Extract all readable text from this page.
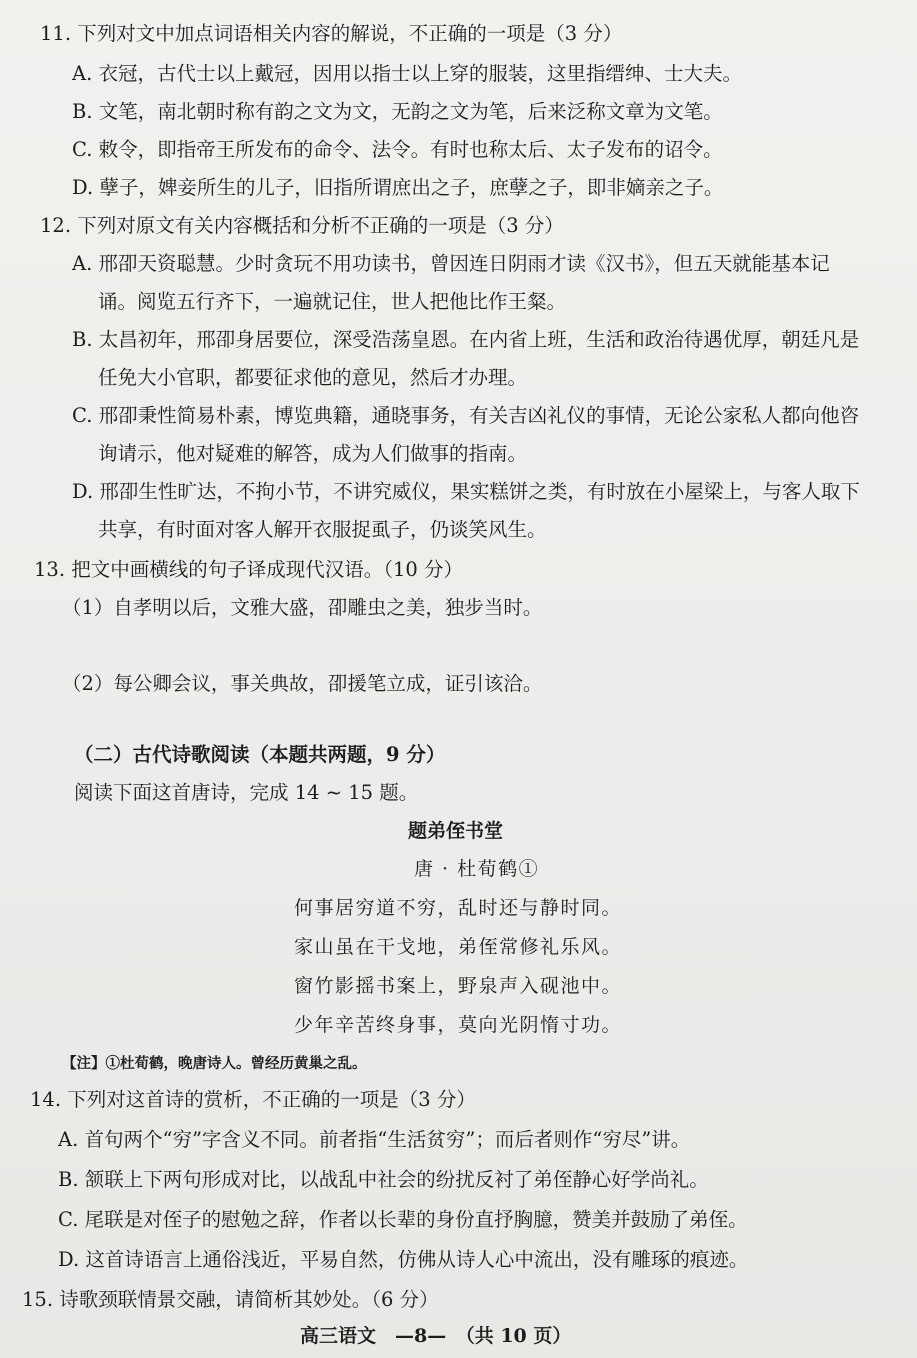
11. 下列对文中加点词语相关内容的解说，不正确的一项是（3 分）
A. 衣冠，古代士以上戴冠，因用以指士以上穿的服装，这里指缙绅、士大夫。
B. 文笔，南北朝时称有韵之文为文，无韵之文为笔，后来泛称文章为文笔。
C. 敕令，即指帝王所发布的命令、法令。有时也称太后、太子发布的诏令。
D. 孽子，婢妾所生的儿子，旧指所谓庶出之子，庶孽之子，即非嫡亲之子。
12. 下列对原文有关内容概括和分析不正确的一项是（3 分）
A. 邢卲天资聪慧。少时贪玩不用功读书，曾因连日阴雨才读《汉书》，但五天就能基本记
诵。阅览五行齐下，一遍就记住，世人把他比作王粲。
B. 太昌初年，邢卲身居要位，深受浩荡皇恩。在内省上班，生活和政治待遇优厚，朝廷凡是
任免大小官职，都要征求他的意见，然后才办理。
C. 邢卲秉性简易朴素，博览典籍，通晓事务，有关吉凶礼仪的事情，无论公家私人都向他咨
询请示，他对疑难的解答，成为人们做事的指南。
D. 邢卲生性旷达，不拘小节，不讲究威仪，果实糕饼之类，有时放在小屋梁上，与客人取下
共享，有时面对客人解开衣服捉虱子，仍谈笑风生。
13. 把文中画横线的句子译成现代汉语。（10 分）
（1）自孝明以后，文雅大盛，卲雕虫之美，独步当时。
（2）每公卿会议，事关典故，卲援笔立成，证引该洽。
（二）古代诗歌阅读（本题共两题，9 分）
阅读下面这首唐诗，完成 14 ~ 15 题。
题弟侄书堂
唐 · 杜荀鹤①
何事居穷道不穷，乱时还与静时同。
家山虽在干戈地，弟侄常修礼乐风。
窗竹影摇书案上，野泉声入砚池中。
少年辛苦终身事，莫向光阴惰寸功。
【注】①杜荀鹤，晚唐诗人。曾经历黄巢之乱。
14. 下列对这首诗的赏析，不正确的一项是（3 分）
A. 首句两个“穷”字含义不同。前者指“生活贫穷”；而后者则作“穷尽”讲。
B. 颔联上下两句形成对比，以战乱中社会的纷扰反衬了弟侄静心好学尚礼。
C. 尾联是对侄子的慰勉之辞，作者以长辈的身份直抒胸臆，赞美并鼓励了弟侄。
D. 这首诗语言上通俗浅近，平易自然，仿佛从诗人心中流出，没有雕琢的痕迹。
15. 诗歌颈联情景交融，请简析其妙处。（6 分）
高三语文　—8—　（共 10 页）
